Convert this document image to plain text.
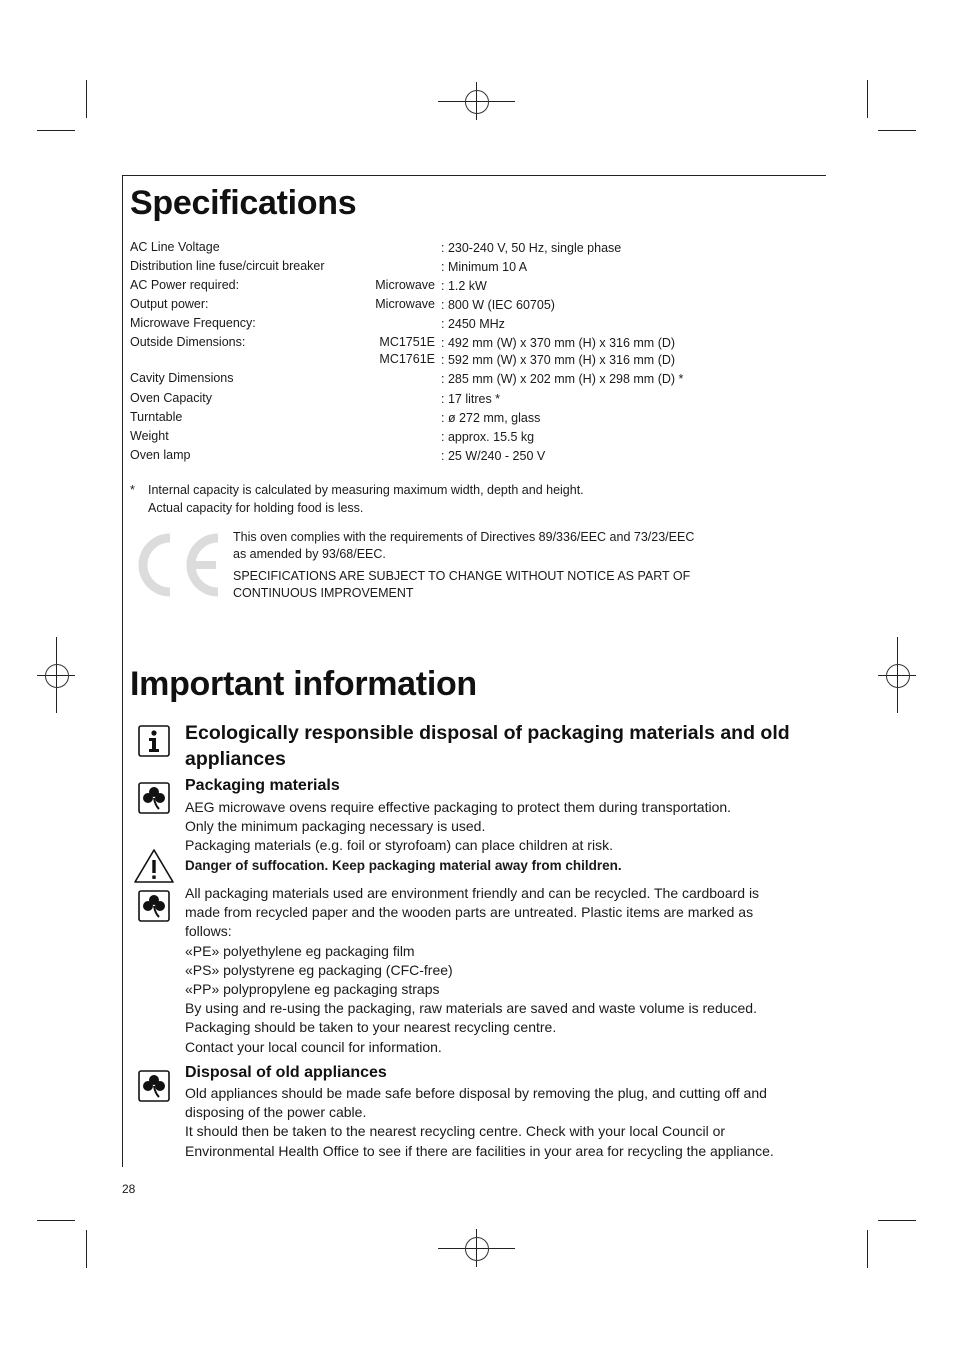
Specifications
AC Line Voltage	: 230-240 V, 50 Hz, single phase
Distribution line fuse/circuit breaker	: Minimum 10 A
AC Power required:	Microwave : 1.2 kW
Output power:	Microwave : 800 W (IEC 60705)
Microwave Frequency:	: 2450 MHz
Outside Dimensions:	MC1751E : 492 mm (W) x 370 mm (H) x 316 mm (D)
MC1761E : 592 mm (W) x 370 mm (H) x 316 mm (D)
Cavity Dimensions	: 285 mm (W) x 202 mm (H) x 298 mm (D) *
Oven Capacity	: 17 litres *
Turntable	: ø 272 mm, glass
Weight	: approx. 15.5 kg
Oven lamp	: 25 W/240 - 250 V
* Internal capacity is calculated by measuring maximum width, depth and height.
Actual capacity for holding food is less.
This oven complies with the requirements of Directives 89/336/EEC and 73/23/EEC
as amended by 93/68/EEC.
SPECIFICATIONS ARE SUBJECT TO CHANGE WITHOUT NOTICE AS PART OF
CONTINUOUS IMPROVEMENT
Important information
Ecologically responsible disposal of packaging materials and old
appliances
Packaging materials
AEG microwave ovens require effective packaging to protect them during transportation.
Only the minimum packaging necessary is used.
Packaging materials (e.g. foil or styrofoam) can place children at risk.
Danger of suffocation. Keep packaging material away from children.
All packaging materials used are environment friendly and can be recycled. The cardboard is
made from recycled paper and the wooden parts are untreated. Plastic items are marked as
follows:
«PE» polyethylene eg packaging film
«PS» polystyrene eg packaging (CFC-free)
«PP» polypropylene eg packaging straps
By using and re-using the packaging, raw materials are saved and waste volume is reduced.
Packaging should be taken to your nearest recycling centre.
Contact your local council for information.
Disposal of old appliances
Old appliances should be made safe before disposal by removing the plug, and cutting off and
disposing of the power cable.
It should then be taken to the nearest recycling centre. Check with your local Council or
Environmental Health Office to see if there are facilities in your area for recycling the appliance.
28
